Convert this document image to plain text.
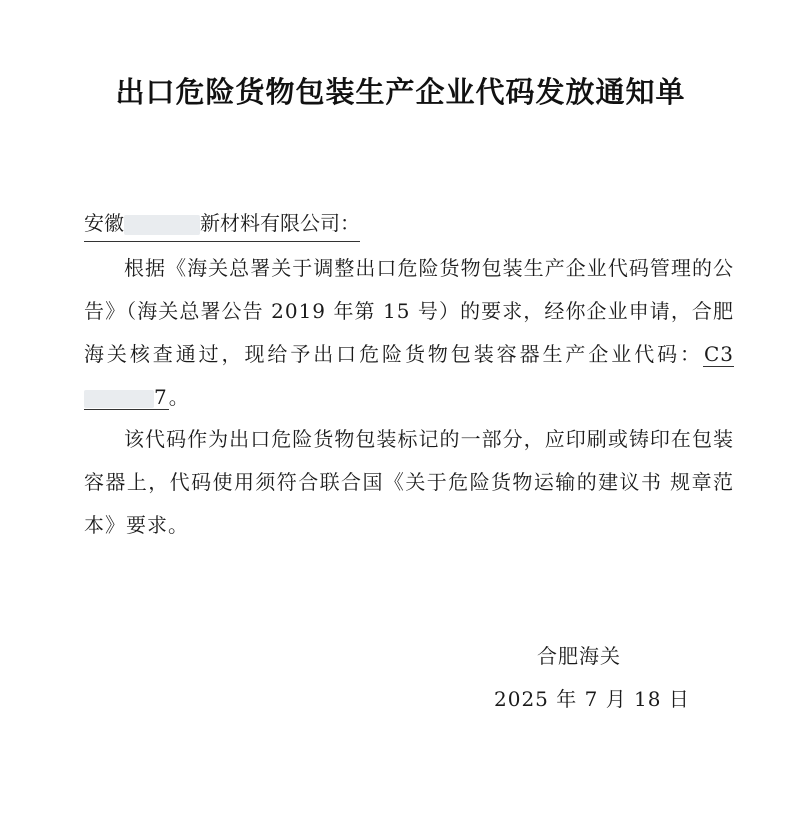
出口危险货物包装生产企业代码发放通知单
安徽	新材料有限公司：
根据《海关总署关于调整出口危险货物包装生产企业代码管理的公告》（海关总署公告 2019 年第 15 号）的要求，经你企业申请，合肥海关核查通过，现给予出口危险货物包装容器生产企业代码：C37。
该代码作为出口危险货物包装标记的一部分，应印刷或铸印在包装容器上，代码使用须符合联合国《关于危险货物运输的建议书 规章范本》要求。
合肥海关
2025 年 7 月 18 日
